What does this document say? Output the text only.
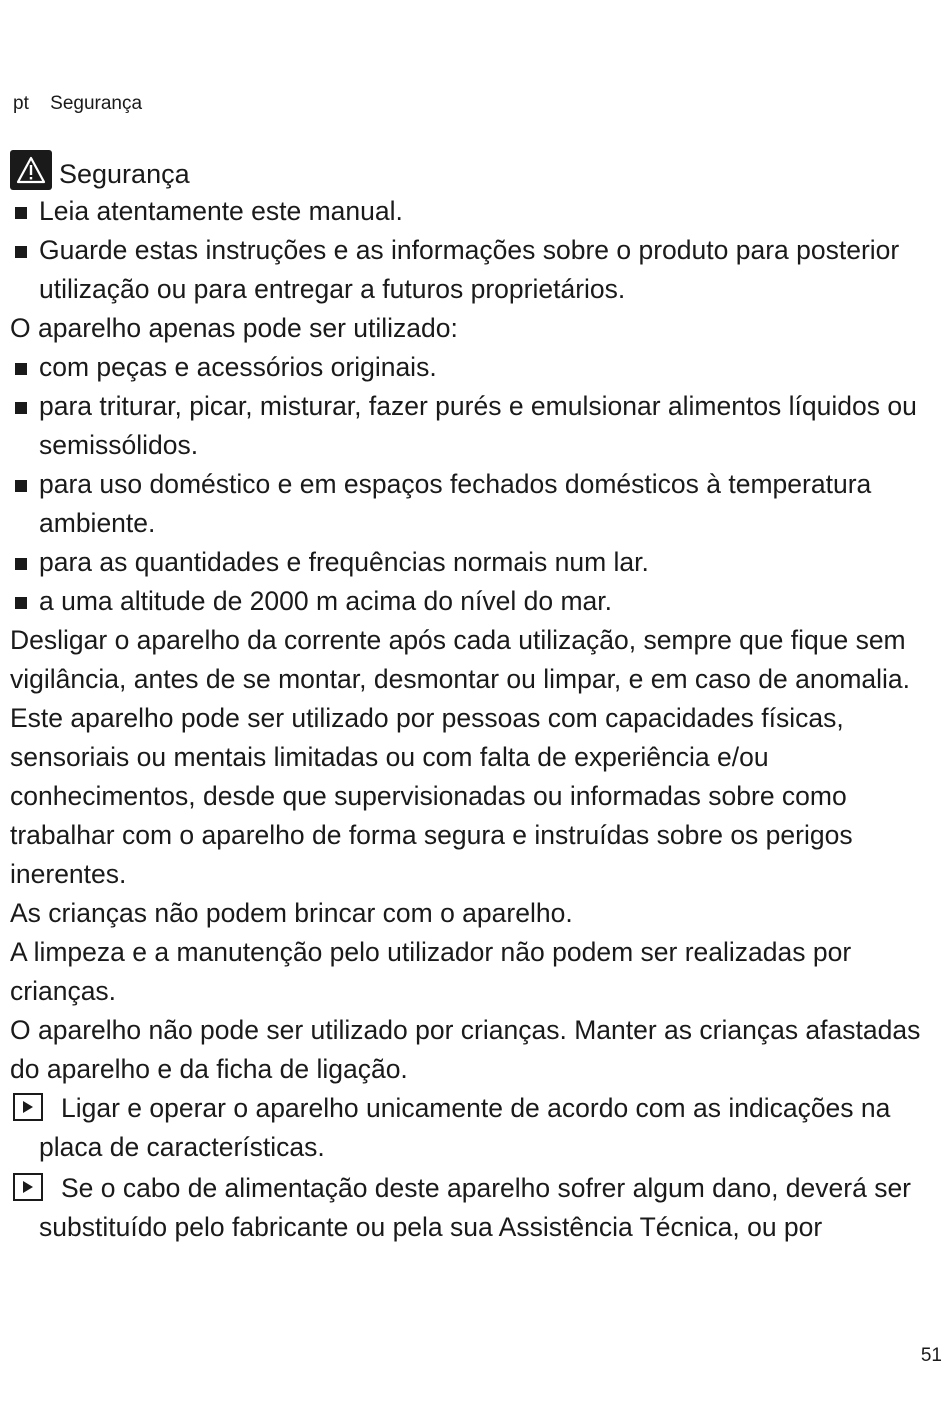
pt Segurança
Segurança

Leia atentamente este manual.

Guarde estas instruções e as informações sobre o produto para posterior utilização ou para entregar a futuros proprietários.

O aparelho apenas pode ser utilizado:

com peças e acessórios originais.

para triturar, picar, misturar, fazer purés e emulsionar alimentos líquidos ou semissólidos.

para uso doméstico e em espaços fechados domésticos à temperatura ambiente.

para as quantidades e frequências normais num lar.

a uma altitude de 2000 m acima do nível do mar.

Desligar o aparelho da corrente após cada utilização, sempre que fique sem vigilância, antes de se montar, desmontar ou limpar, e em caso de anomalia.

Este aparelho pode ser utilizado por pessoas com capacidades físicas, sensoriais ou mentais limitadas ou com falta de experiência e/ou conhecimentos, desde que supervisionadas ou informadas sobre como trabalhar com o aparelho de forma segura e instruídas sobre os perigos inerentes.

As crianças não podem brincar com o aparelho.

A limpeza e a manutenção pelo utilizador não podem ser realizadas por crianças.

O aparelho não pode ser utilizado por crianças. Manter as crianças afastadas do aparelho e da ficha de ligação.

Ligar e operar o aparelho unicamente de acordo com as indicações na placa de características.
Se o cabo de alimentação deste aparelho sofrer algum dano, deverá ser substituído pelo fabricante ou pela sua Assistência Técnica, ou por
51
